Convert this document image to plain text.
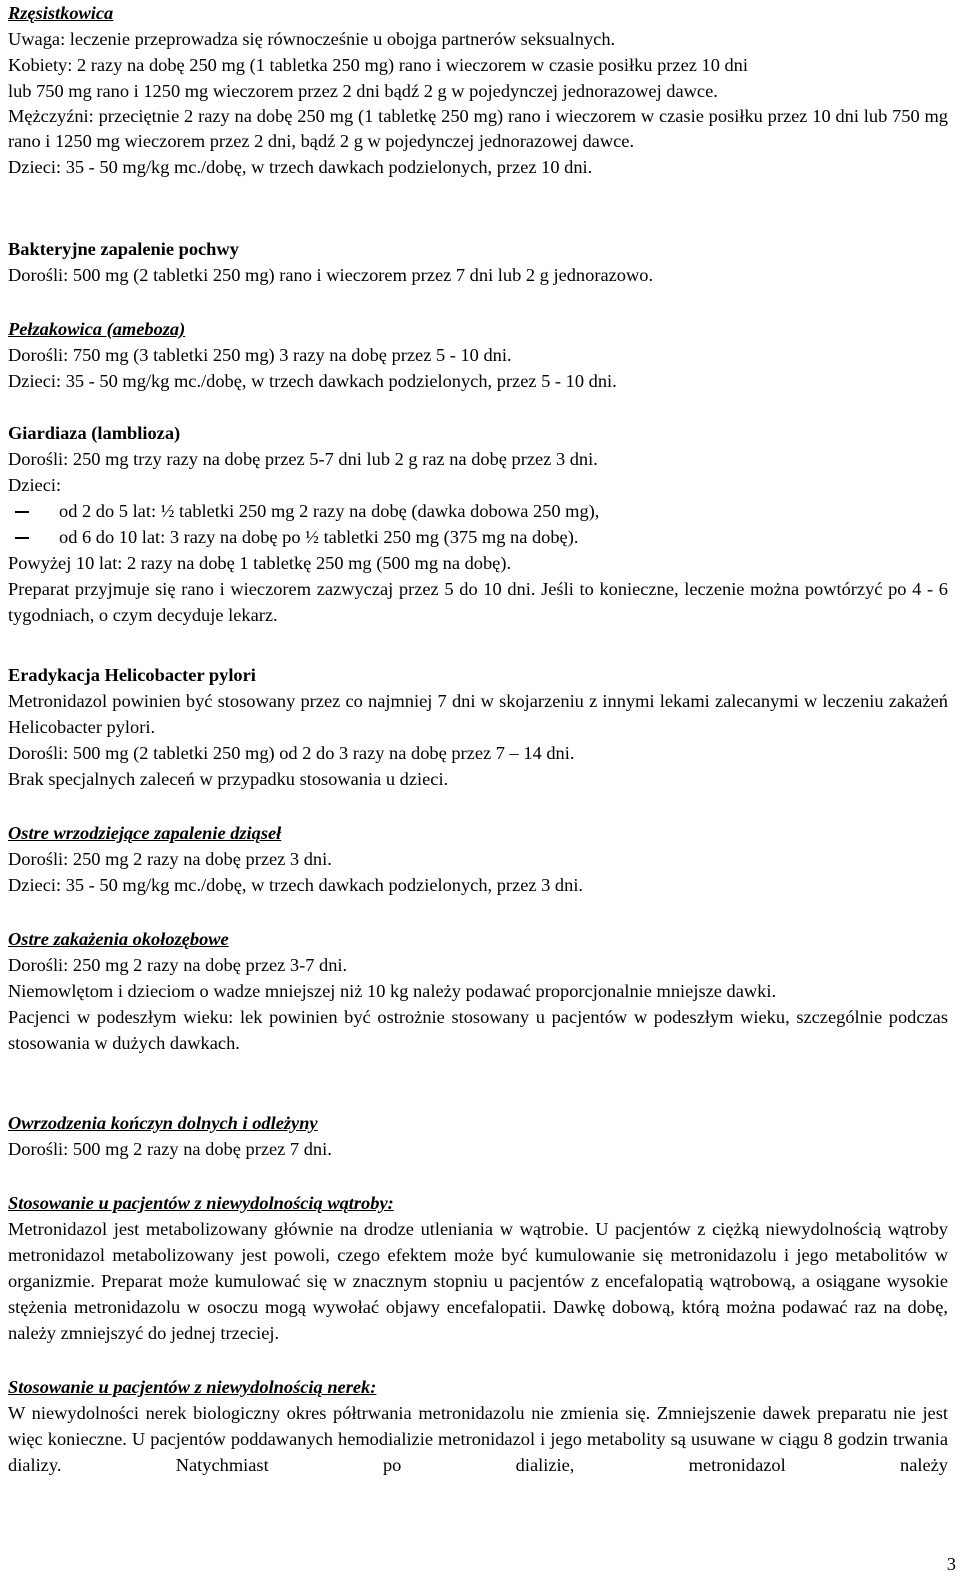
Rzęsistkowica

Uwaga: leczenie przeprowadza się równocześnie u obojga partnerów seksualnych.

Kobiety: 2 razy na dobę 250 mg (1 tabletka 250 mg) rano i wieczorem w czasie posiłku przez 10 dni

lub 750 mg rano i 1250 mg wieczorem przez 2 dni bądź 2 g w pojedynczej jednorazowej dawce.

Mężczyźni: przeciętnie 2 razy na dobę 250 mg (1 tabletkę 250 mg) rano i wieczorem w czasie posiłku przez 10 dni lub 750 mg rano i 1250 mg wieczorem przez 2 dni, bądź 2 g w pojedynczej jednorazowej dawce.

Dzieci: 35 - 50 mg/kg mc./dobę, w trzech dawkach podzielonych, przez 10 dni.

Bakteryjne zapalenie pochwy

Dorośli: 500 mg (2 tabletki 250 mg) rano i wieczorem przez 7 dni lub 2 g jednorazowo.

Pełzakowica (ameboza)

Dorośli: 750 mg (3 tabletki 250 mg) 3 razy na dobę przez 5 - 10 dni.

Dzieci: 35 - 50 mg/kg mc./dobę, w trzech dawkach podzielonych, przez 5 - 10 dni.

Giardiaza (lamblioza)

Dorośli: 250 mg trzy razy na dobę przez 5-7 dni lub 2 g raz na dobę przez 3 dni.

Dzieci:

od 2 do 5 lat: ½ tabletki 250 mg 2 razy na dobę (dawka dobowa 250 mg),

od 6 do 10 lat: 3 razy na dobę po ½ tabletki 250 mg (375 mg na dobę).

Powyżej 10 lat: 2 razy na dobę 1 tabletkę 250 mg (500 mg na dobę).

Preparat przyjmuje się rano i wieczorem zazwyczaj przez 5 do 10 dni. Jeśli to konieczne, leczenie można powtórzyć po 4 - 6 tygodniach, o czym decyduje lekarz.

Eradykacja Helicobacter pylori

Metronidazol powinien być stosowany przez co najmniej 7 dni w skojarzeniu z innymi lekami zalecanymi w leczeniu zakażeń Helicobacter pylori.

Dorośli: 500 mg (2 tabletki 250 mg) od 2 do 3 razy na dobę przez 7 – 14 dni.

Brak specjalnych zaleceń w przypadku stosowania u dzieci.

Ostre wrzodziejące zapalenie dziąseł

Dorośli: 250 mg 2 razy na dobę przez 3 dni.

Dzieci: 35 - 50 mg/kg mc./dobę, w trzech dawkach podzielonych, przez 3 dni.

Ostre zakażenia okołozębowe

Dorośli: 250 mg 2 razy na dobę przez 3-7 dni.

Niemowlętom i dzieciom o wadze mniejszej niż 10 kg należy podawać proporcjonalnie mniejsze dawki.

Pacjenci w podeszłym wieku: lek powinien być ostrożnie stosowany u pacjentów w podeszłym wieku, szczególnie podczas stosowania w dużych dawkach.

Owrzodzenia kończyn dolnych i odleżyny

Dorośli: 500 mg 2 razy na dobę przez 7 dni.

Stosowanie u pacjentów z niewydolnością wątroby:

Metronidazol jest metabolizowany głównie na drodze utleniania w wątrobie. U pacjentów z ciężką niewydolnością wątroby metronidazol metabolizowany jest powoli, czego efektem może być kumulowanie się metronidazolu i jego metabolitów w organizmie. Preparat może kumulować się w znacznym stopniu u pacjentów z encefalopatią wątrobową, a osiągane wysokie stężenia metronidazolu w osoczu mogą wywołać objawy encefalopatii. Dawkę dobową, którą można podawać raz na dobę, należy zmniejszyć do jednej trzeciej.

Stosowanie u pacjentów z niewydolnością nerek:

W niewydolności nerek biologiczny okres półtrwania metronidazolu nie zmienia się. Zmniejszenie dawek preparatu nie jest więc konieczne. U pacjentów poddawanych hemodializie metronidazol i jego metabolity są usuwane w ciągu 8 godzin trwania dializy. Natychmiast po dializie, metronidazol należy

3
